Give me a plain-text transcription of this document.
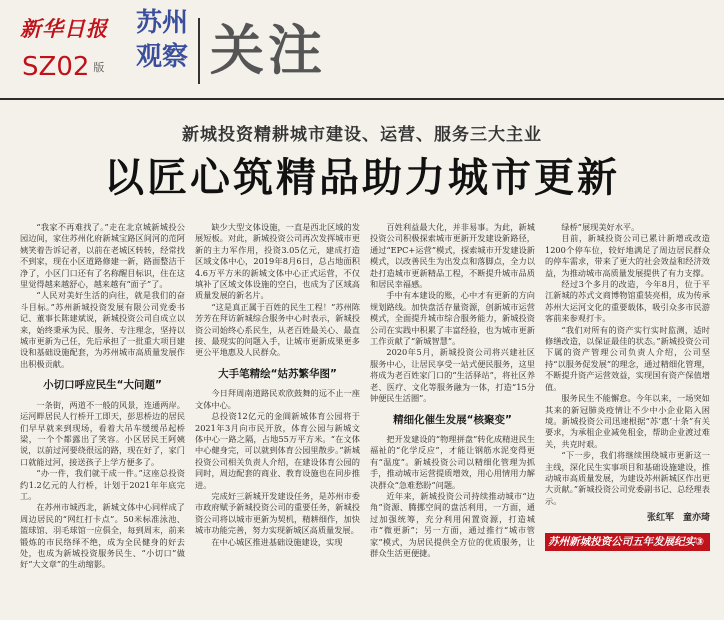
新华日报
SZ02 版
苏州
观察 关注
新城投资精耕城市建设、运营、服务三大主业
以匠心筑精品助力城市更新

“我家不再难找了。”走在北京城新城投公园边间，家住苏州化府新城宝路区间河的范阿姨笑着告诉记者，以前在老城区转转，经常找不到家，现在小区道路修建一新，路面整洁干净了，小区门口还有了名称醒目标识，住在这里觉得越来越舒心，越来越有“面子”了。

“人民对美好生活的向往，就是我们的奋斗目标。”苏州新城投资发展有限公司党委书记、董事长陈建斌说，新城投资公司自成立以来，始终秉承为民、服务、专注理念，坚持以城市更新为己任，先后承担了一批重大项目建设和基础设施配套，为苏州城市高质量发展作出积极贡献。

小切口呼应民生“大问题”

一条街，两道不一般的风景，连通两岸。运河畔居民人行桥开工即天，彭思桥边的居民们早早就来到现场，看着大吊车缓缓吊起桥梁，一个个都露出了笑容。小区居民王阿姨说，以前过河要绕很远的路，现在好了，家门口就能过河，接送孩子上学方便多了。

“办一件，我们就干成一件。”这座总投资约1.2亿元的人行桥，计划于2021年年底完工。

在苏州市城西北，新城文体中心同样成了周边居民的“网红打卡点”。50米标准泳池、篮球馆、羽毛球馆一应俱全，每到周末，前来锻炼的市民络绎不绝，成为全民健身的好去处，也成为新城投资服务民生、“小切口”做好“大文章”的生动缩影。

缺少大型文体设施，一直是西北区域的发展短板。对此，新城投资公司再次发挥城市更新的主力军作用，投资3.05亿元，建成打造区域文体中心，2019年8月6日，总占地面积4.6万平方米的新城文体中心正式运营，不仅填补了区域文体设施的空白，也成为了区域高质量发展的新名片。

“这是真正属于百姓的民生工程！”苏州陈芳芳在拜访新城综合服务中心时表示，新城投资公司始终心系民生，从老百姓最关心、最直接、最现实的问题入手，让城市更新成果更多更公平地惠及人民群众。

大手笔精绘“姑苏繁华图”

今日拜周南道路民欢欣鼓舞的远不止一座文体中心。

总投资12亿元的金阊新城体育公园将于2021年3月向市民开放，体育公园与新城文体中心一路之隔，占地55万平方米。“在文体中心健身完，可以就到体育公园里散步。”新城投资公司相关负责人介绍，在建设体育公园的同时，周边配套的商业、教育设施也在同步推进。

完成好三新城开发建设任务，是苏州市委市政府赋予新城投资公司的重要任务，新城投资公司将以城市更新为契机，精耕细作，加快城市功能完善，努力实现新城区高质量发展。

在中心城区推进基础设施建设，实现

百姓利益最大化，并非易事。为此，新城投资公司积极探索城市更新开发建设新路径，通过“EPC+运营”模式，探索城市开发建设新模式，以改善民生为出发点和落脚点，全力以赴打造城市更新精品工程，不断提升城市品质和居民幸福感。

手中有本建设的账，心中才有更新的方向规划路线。加快盘活存量资源，创新城市运营模式，全面提升城市综合服务能力，新城投资公司在实践中积累了丰富经验，也为城市更新工作贡献了“新城智慧”。

2020年5月，新城投资公司将兴建社区服务中心，让居民享受一站式便民服务，这里将成为老百姓家门口的“生活驿站”，将社区养老、医疗、文化等服务融为一体，打造“15分钟便民生活圈”。

精细化催生发展“核聚变”

把开发建设的“物理拼盘”转化成精进民生福祉的“化学反应”，才能让钢筋水泥变得更有“温度”。新城投资公司以精细化管理为抓手，推动城市运营提质增效，用心用情用力解决群众“急难愁盼”问题。

近年来，新城投资公司持续推动城市“边角”资源、腾挪空间的盘活利用，一方面，通过加强统筹，充分利用闲置资源，打造城市“微更新”；另一方面，通过推行“城市管家”模式，为居民提供全方位的优质服务，让群众生活更便捷。

绿桥”展现美好水平。

目前，新城投资公司已累计新增或改造1200个停车位，较好地满足了周边居民群众的停车需求，带来了更大的社会效益和经济效益，为推动城市高质量发展提供了有力支撑。

经过3个多月的改造，今年8月，位于平江新城的苏式文商博物馆重装亮相，成为传承苏州大运河文化的重要载体，吸引众多市民游客前来参观打卡。

“我们对所有的资产实行实时监测，适时修缮改造，以保证最佳的状态。”新城投资公司下属的资产管理公司负责人介绍，公司坚持“以服务促发展”的理念，通过精细化管理，不断提升资产运营效益，实现国有资产保值增值。

服务民生不能懈怠。今年以来，一场突如其来的新冠肺炎疫情让不少中小企业陷入困境。新城投资公司迅速根据“苏‘惠’十条”有关要求，为承租企业减免租金，帮助企业渡过难关，共克时艰。

“下一步，我们将继续围绕城市更新这一主线，深化民生实事项目和基础设施建设，推动城市高质量发展，为建设苏州新城区作出更大贡献。”新城投资公司党委副书记、总经理表示。

张红军　童亦琦

苏州新城投资公司五年发展纪实③
